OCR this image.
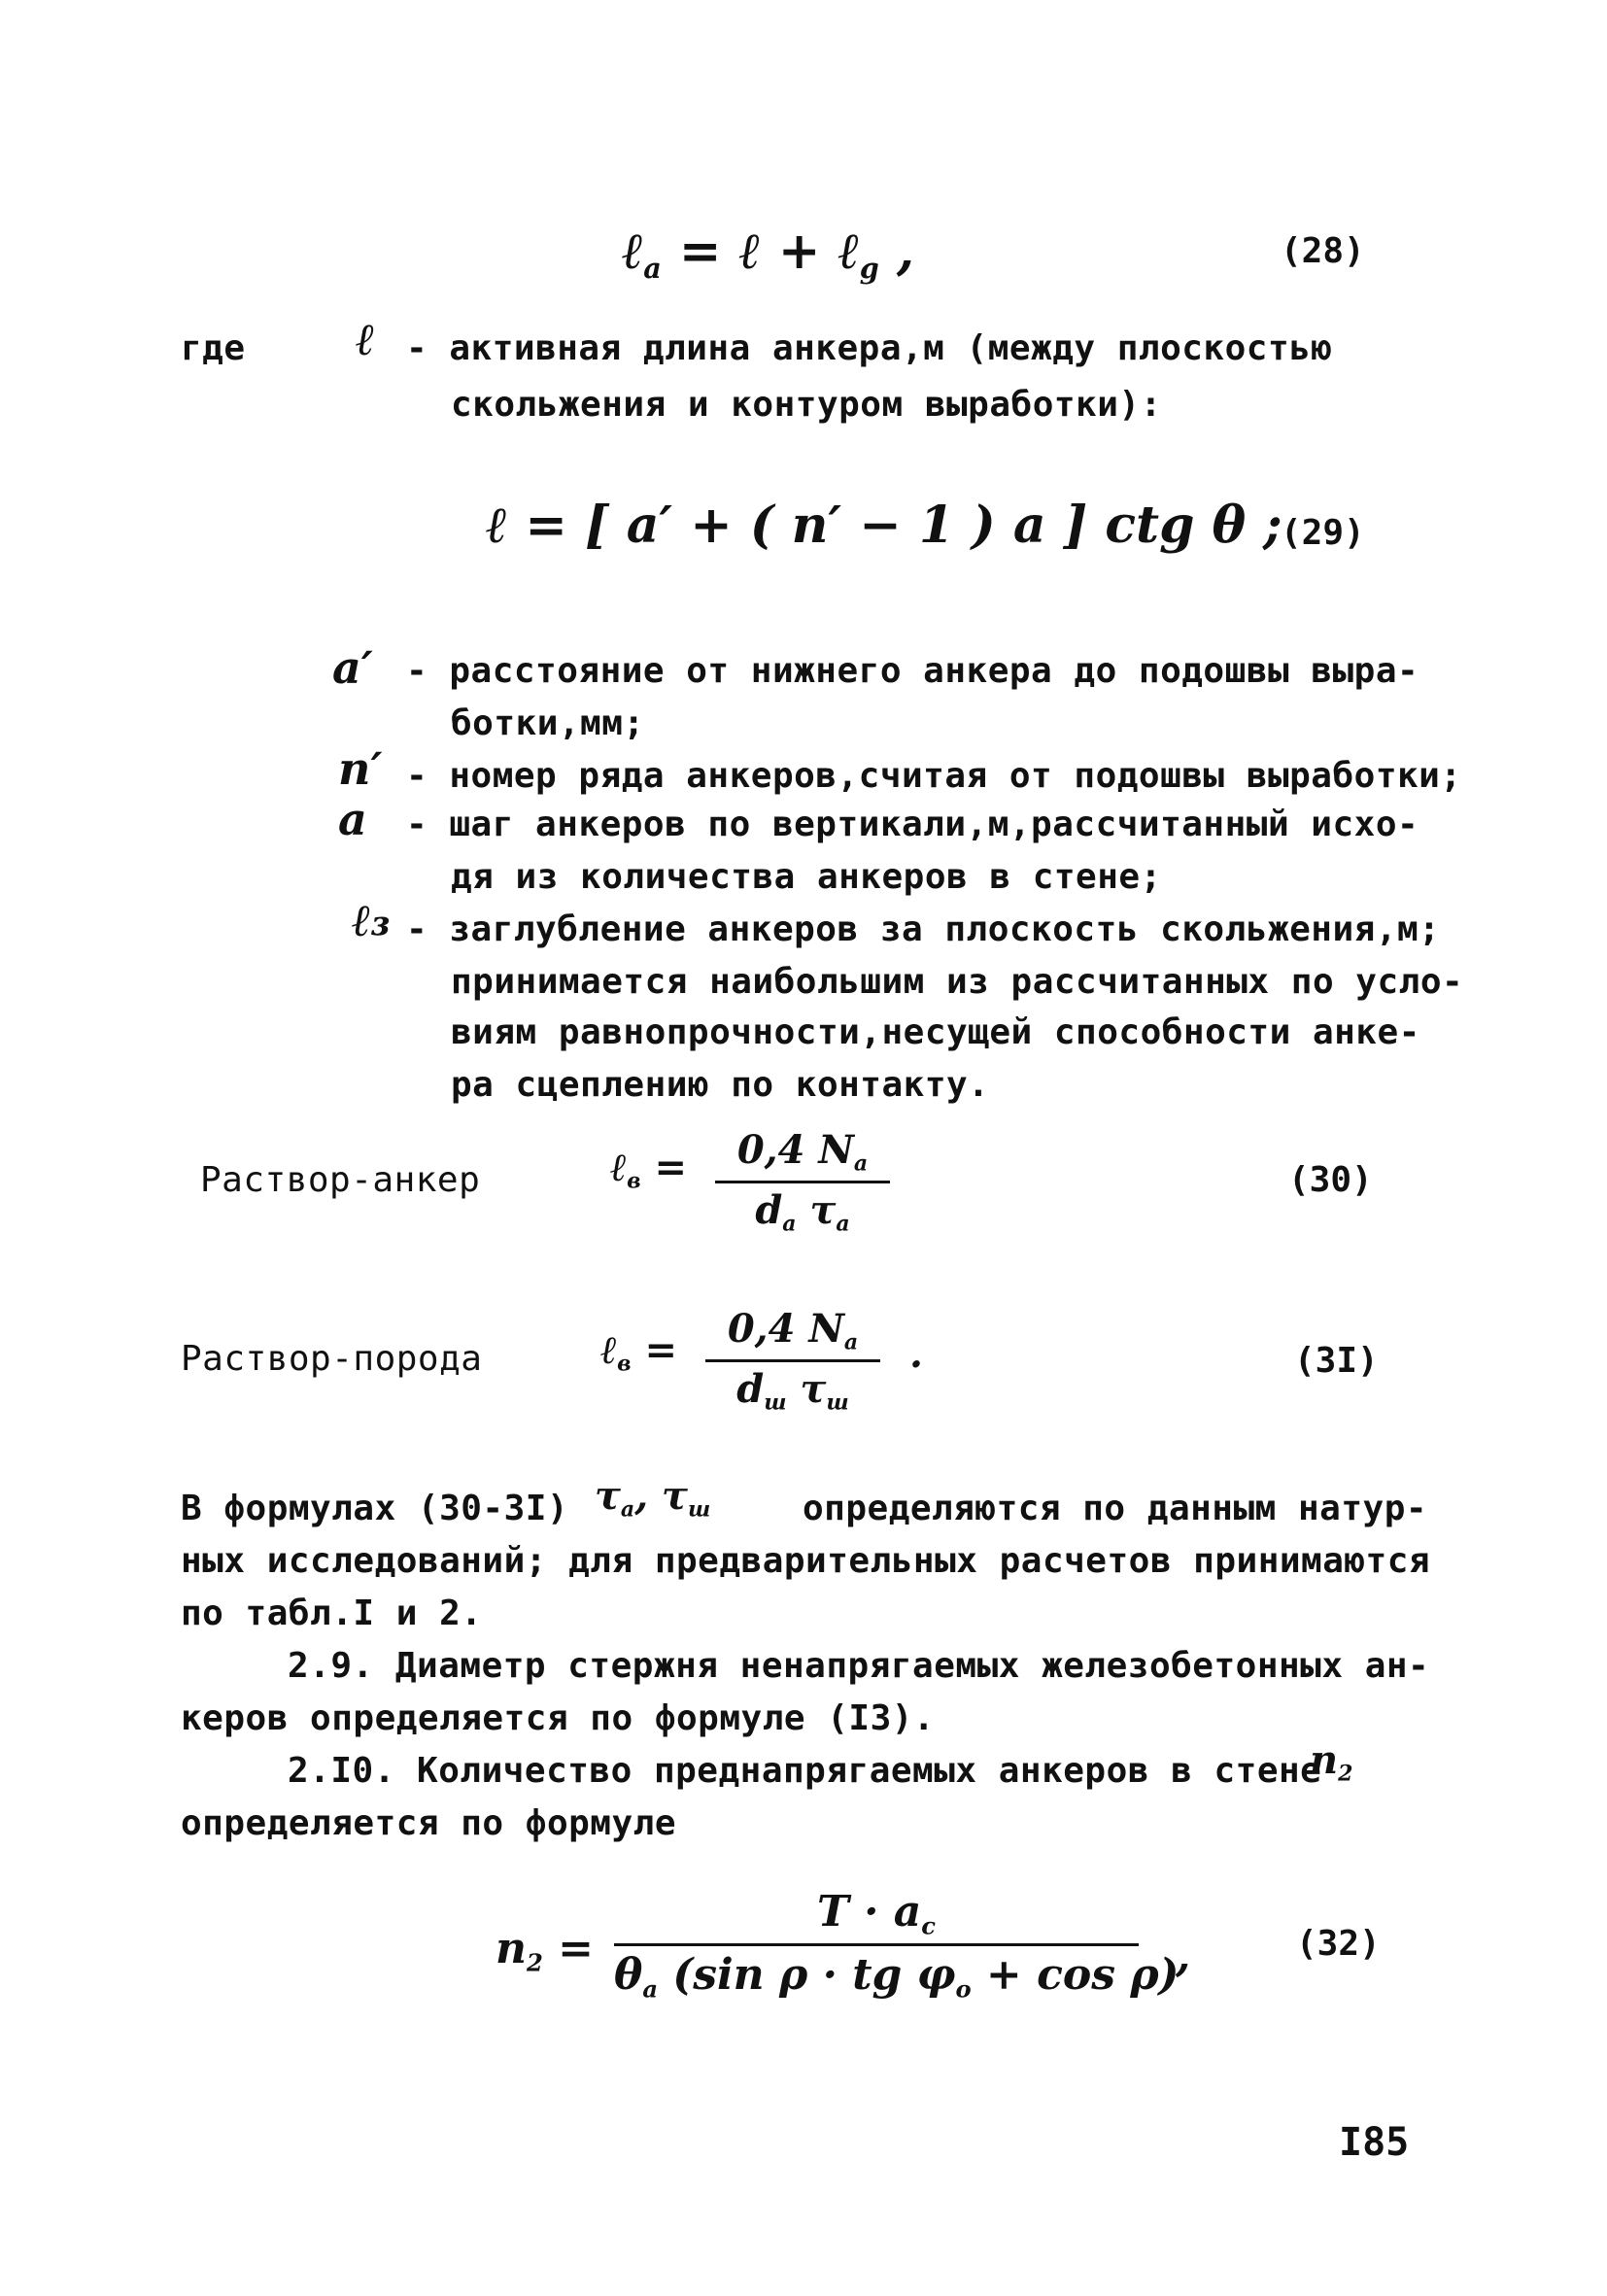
ℓ$_a$ = ℓ + ℓ$_g$ ,	(28)
где ℓ - активная длина анкера,м (между плоскостью
скольжения и контуром выработки):
ℓ = [ a′ + ( n′ − 1 ) a ] ctg θ ;
(29)
a′ - расстояние от нижнего анкера до подошвы выра-
ботки,мм;
n′ - номер ряда анкеров,считая от подошвы выработки;
a - шаг анкеров по вертикали,м,рассчитанный исхо-
дя из количества анкеров в стене;
ℓ₃ - заглубление анкеров за плоскость скольжения,м;
принимается наибольшим из рассчитанных по усло-
виям равнопрочности,несущей способности анке-
ра сцеплению по контакту.
Раствор-анкер	ℓ$_в$ =	0,4 $N_a$
$d_a$ $\tau_a$
(30)
Раствор-порода	ℓ$_в$ =	0,4 $N_a$
$d_ш$ $\tau_ш$
.	(3I)
В формулах (30-3I) $\tau_a$, $\tau_ш$	определяются по данным натур-
ных исследований; для предварительных расчетов принимаются
по табл.I и 2.
2.9. Диаметр стержня ненапрягаемых железобетонных ан-
керов определяется по формуле (I3).
2.I0. Количество преднапрягаемых анкеров в стене
$n_2$
определяется по формуле
$n_2$ =
$T \cdot a_с$
$\theta_a$ (sin ρ · tg $\varphi_o + \cos \rho$)
,	(32)
I85
